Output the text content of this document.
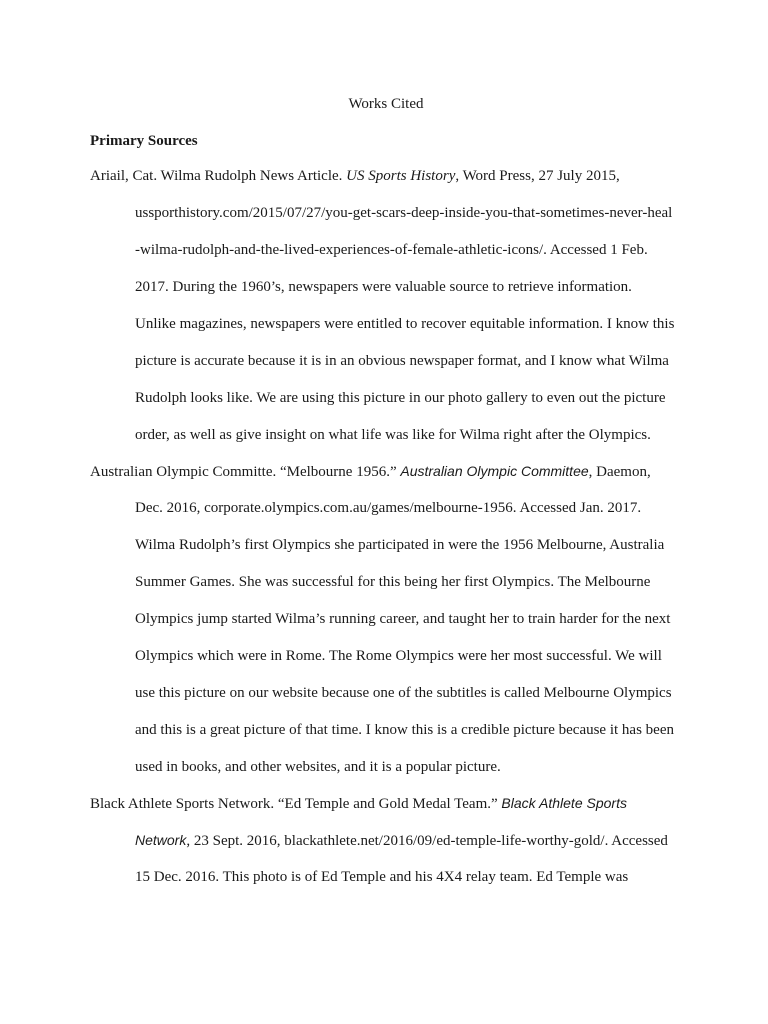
Works Cited
Primary Sources
Ariail, Cat. Wilma Rudolph News Article. US Sports History, Word Press, 27 July 2015,
ussporthistory.com/2015/07/27/you-get-scars-deep-inside-you-that-sometimes-never-heal
-wilma-rudolph-and-the-lived-experiences-of-female-athletic-icons/. Accessed 1 Feb.
2017. During the 1960’s, newspapers were valuable source to retrieve information.
Unlike magazines, newspapers were entitled to recover equitable information. I know this
picture is accurate because it is in an obvious newspaper format, and I know what Wilma
Rudolph looks like. We are using this picture in our photo gallery to even out the picture
order, as well as give insight on what life was like for Wilma right after the Olympics.
Australian Olympic Committe. “Melbourne 1956.” Australian Olympic Committee, Daemon,
Dec. 2016, corporate.olympics.com.au/games/melbourne-1956. Accessed Jan. 2017.
Wilma Rudolph’s first Olympics she participated in were the 1956 Melbourne, Australia
Summer Games. She was successful for this being her first Olympics. The Melbourne
Olympics jump started Wilma’s running career, and taught her to train harder for the next
Olympics which were in Rome. The Rome Olympics were her most successful. We will
use this picture on our website because one of the subtitles is called Melbourne Olympics
and this is a great picture of that time. I know this is a credible picture because it has been
used in books, and other websites, and it is a popular picture.
Black Athlete Sports Network. “Ed Temple and Gold Medal Team.” Black Athlete Sports
Network, 23 Sept. 2016, blackathlete.net/2016/09/ed-temple-life-worthy-gold/. Accessed
15 Dec. 2016. This photo is of Ed Temple and his 4X4 relay team. Ed Temple was
